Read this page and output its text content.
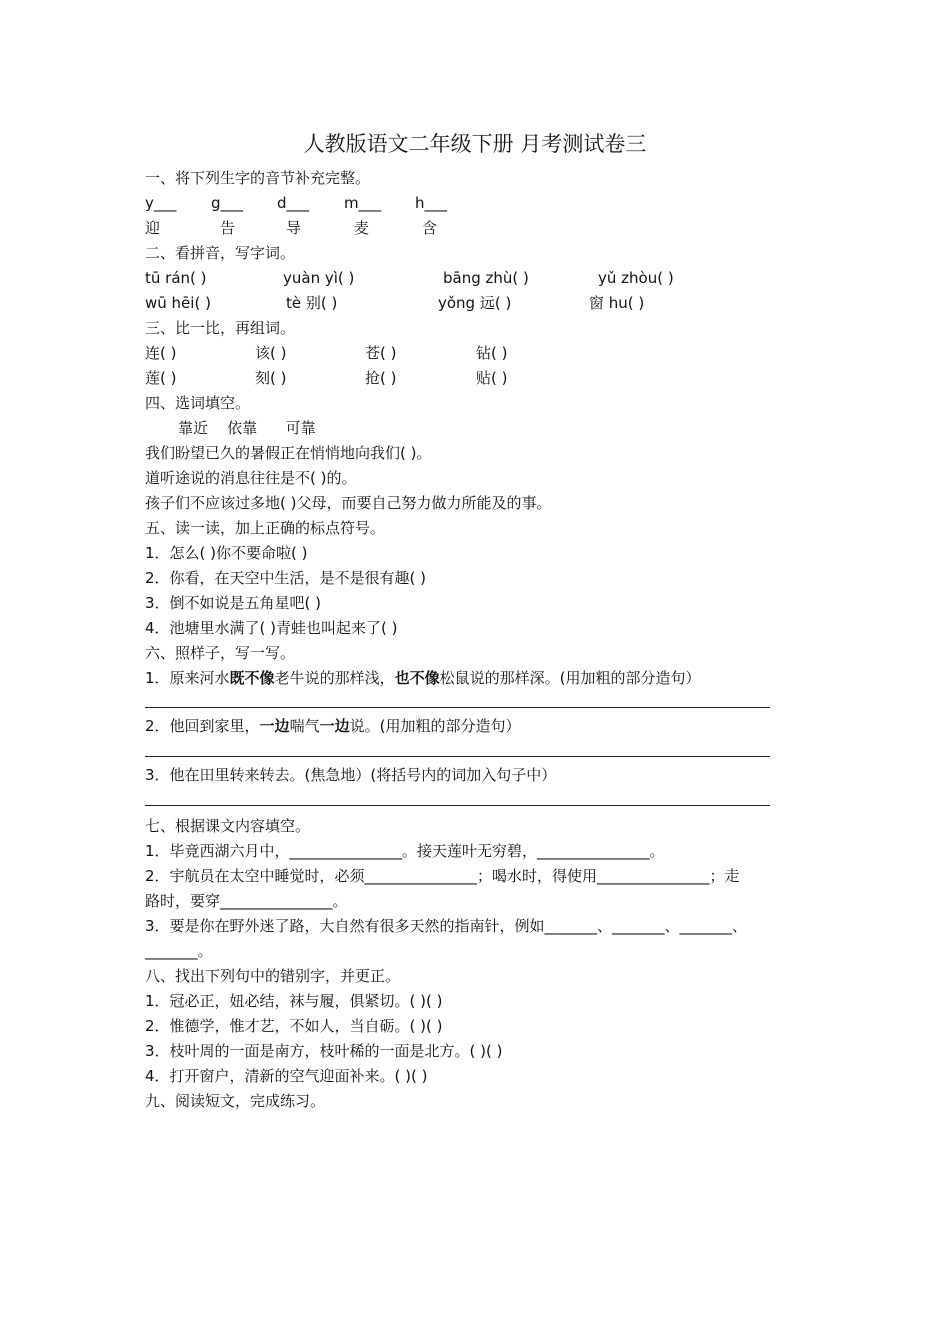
人教版语文二年级下册 月考测试卷三
一、将下列生字的音节补充完整。
y___ g___ d___ m___ h___
迎	告	导	麦	含
二、看拼音，写字词。
tū rán( )	yuàn yì( )	bāng zhù( )	yǔ zhòu( )
wū hēi( )	tè 别( )	yǒng 远( )	窗 hu( )
三、比一比，再组词。
连( )	该( )	苍( )	钻( )
莲( )	刻( )	抢( )	贴( )
四、选词填空。
靠近    依靠      可靠
我们盼望已久的暑假正在悄悄地向我们( )。
道听途说的消息往往是不( )的。
孩子们不应该过多地( )父母，而要自己努力做力所能及的事。
五、读一读，加上正确的标点符号。
1．怎么( )你不要命啦( )
2．你看，在天空中生活，是不是很有趣( )
3．倒不如说是五角星吧( )
4．池塘里水满了( )青蛙也叫起来了( )
六、照样子，写一写。
1．原来河水既不像老牛说的那样浅，也不像松鼠说的那样深。(用加粗的部分造句）
2．他回到家里，一边喘气一边说。(用加粗的部分造句）
3．他在田里转来转去。(焦急地）(将括号内的词加入句子中）
七、根据课文内容填空。
1．毕竟西湖六月中，_______________。接天莲叶无穷碧，_______________。
2．宇航员在太空中睡觉时，必须_______________；喝水时，得使用_______________；走
路时，要穿_______________。
3．要是你在野外迷了路，大自然有很多天然的指南针，例如_______、_______、_______、
_______。
八、找出下列句中的错别字，并更正。
1．冠必正，妞必结，袜与履，俱紧切。( )( )
2．惟德学，惟才艺，不如人，当自砺。( )( )
3．枝叶周的一面是南方，枝叶稀的一面是北方。( )( )
4．打开窗户，清新的空气迎面补来。( )( )
九、阅读短文，完成练习。
